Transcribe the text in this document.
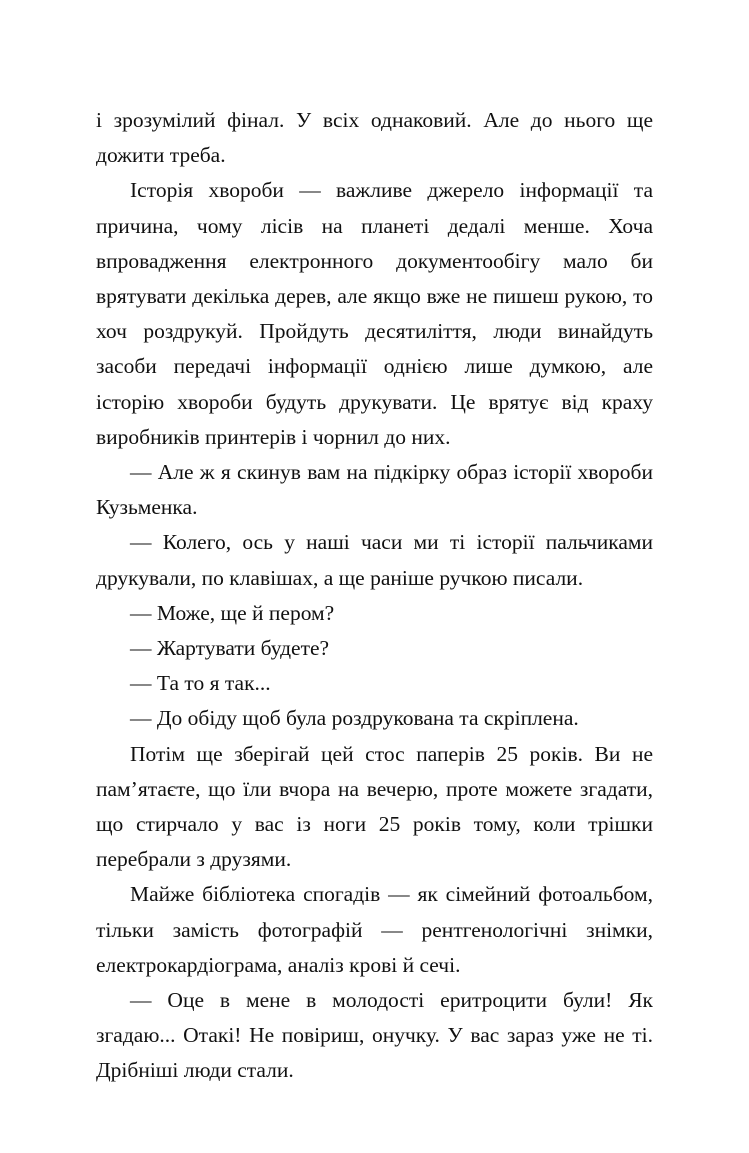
і зрозумілий фінал. У всіх однаковий. Але до нього ще дожити треба.

Історія хвороби — важливе джерело інформації та причина, чому лісів на планеті дедалі менше. Хоча впровадження електронного документообігу мало би врятувати декілька дерев, але якщо вже не пишеш рукою, то хоч роздрукуй. Пройдуть десятиліття, люди винайдуть засоби передачі інформації однією лише думкою, але історію хвороби будуть друкувати. Це врятує від краху виробників принтерів і чорнил до них.

— Але ж я скинув вам на підкірку образ історії хвороби Кузьменка.

— Колего, ось у наші часи ми ті історії пальчиками друкували, по клавішах, а ще раніше ручкою писали.

— Може, ще й пером?

— Жартувати будете?

— Та то я так...

— До обіду щоб була роздрукована та скріплена.

Потім ще зберігай цей стос паперів 25 років. Ви не пам’ятаєте, що їли вчора на вечерю, проте можете згадати, що стирчало у вас із ноги 25 років тому, коли трішки перебрали з друзями.

Майже бібліотека спогадів — як сімейний фотоальбом, тільки замість фотографій — рентгенологічні знімки, електрокардіограма, аналіз крові й сечі.

— Оце в мене в молодості еритроцити були! Як згадаю... Отакі! Не повіриш, онучку. У вас зараз уже не ті. Дрібніші люди стали.
